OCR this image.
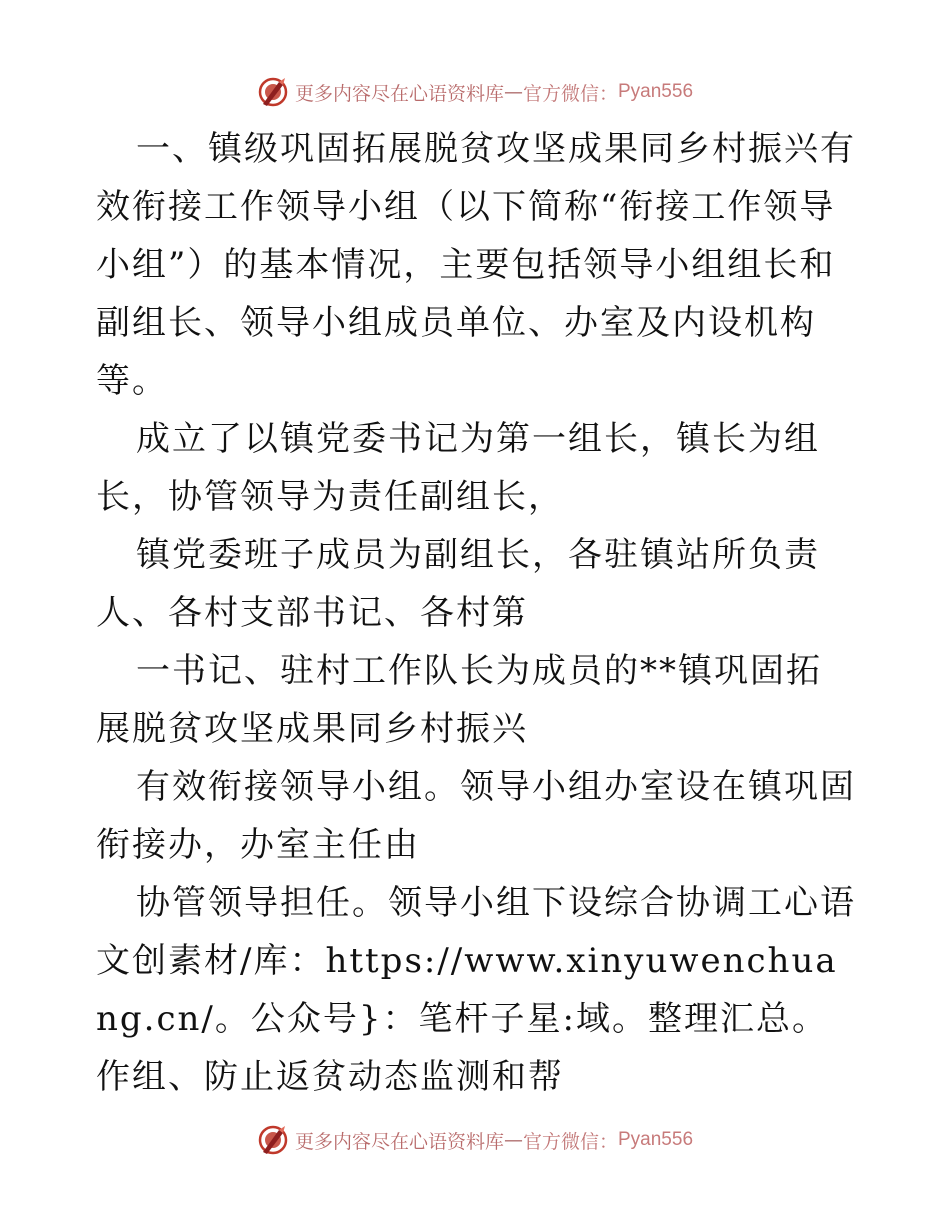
更多内容尽在心语资料库 — 官方微信： Pyan556

一、镇级巩固拓展脱贫攻坚成果同乡村振兴有效衔接工作领导小组（以下简称“衔接工作领导小组”）的基本情况，主要包括领导小组组长和副组长、领导小组成员单位、办室及内设机构等。

成立了以镇党委书记为第一组长，镇长为组长，协管领导为责任副组长，

镇党委班子成员为副组长，各驻镇站所负责人、各村支部书记、各村第

一书记、驻村工作队长为成员的**镇巩固拓展脱贫攻坚成果同乡村振兴

有效衔接领导小组。领导小组办室设在镇巩固衔接办，办室主任由

协管领导担任。领导小组下设综合协调工心语文创素材/库：https://www.xinyuwenchuang.cn/。公众号}：笔杆子星:域。整理汇总。作组、防止返贫动态监测和帮

更多内容尽在心语资料库 — 官方微信： Pyan556
